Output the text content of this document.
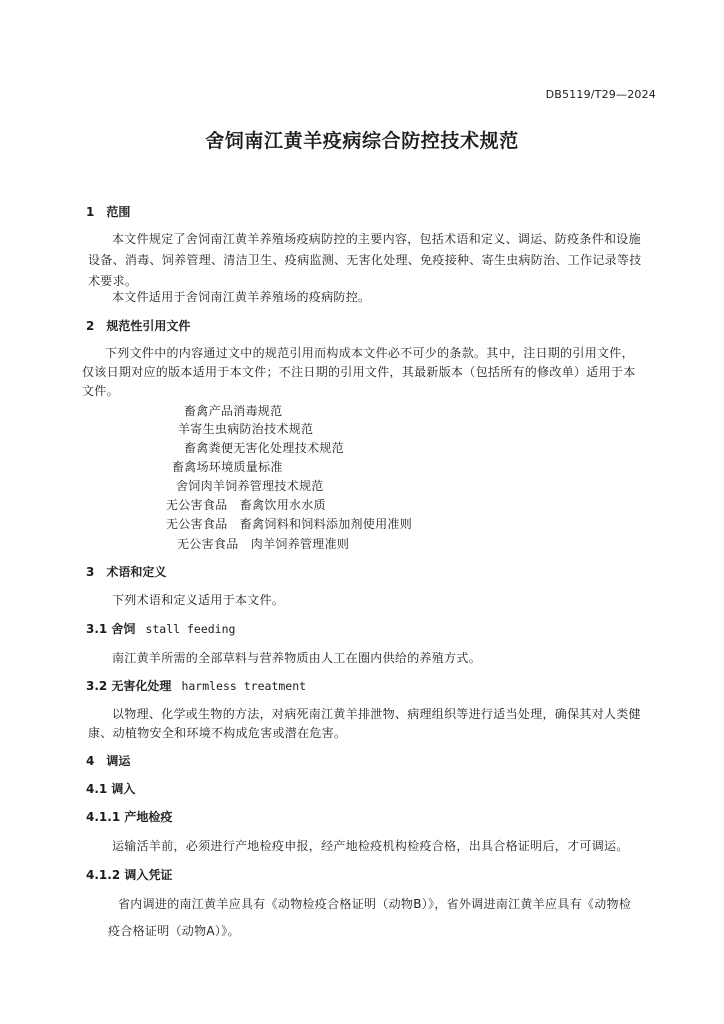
DB5119/T29—2024
舍饲南江黄羊疫病综合防控技术规范
1　范围
本文件规定了舍饲南江黄羊养殖场疫病防控的主要内容，包括术语和定义、调运、防疫条件和设施
设备、消毒、饲养管理、清洁卫生、疫病监测、无害化处理、免疫接种、寄生虫病防治、工作记录等技
术要求。
本文件适用于舍饲南江黄羊养殖场的疫病防控。
2　规范性引用文件
下列文件中的内容通过文中的规范引用而构成本文件必不可少的条款。其中，注日期的引用文件，
仅该日期对应的版本适用于本文件；不注日期的引用文件，其最新版本（包括所有的修改单）适用于本
文件。
畜禽产品消毒规范
羊寄生虫病防治技术规范
畜禽粪便无害化处理技术规范
畜禽场环境质量标准
舍饲肉羊饲养管理技术规范
无公害食品　畜禽饮用水水质
无公害食品　畜禽饲料和饲料添加剂使用准则
无公害食品　肉羊饲养管理准则
3　术语和定义
下列术语和定义适用于本文件。
3.1 舍饲 stall feeding
南江黄羊所需的全部草料与营养物质由人工在圈内供给的养殖方式。
3.2 无害化处理 harmless treatment
以物理、化学或生物的方法，对病死南江黄羊排泄物、病理组织等进行适当处理，确保其对人类健
康、动植物安全和环境不构成危害或潜在危害。
4　调运
4.1 调入
4.1.1 产地检疫
运输活羊前，必须进行产地检疫申报，经产地检疫机构检疫合格，出具合格证明后，才可调运。
4.1.2 调入凭证
省内调进的南江黄羊应具有《动物检疫合格证明（动物B）》，省外调进南江黄羊应具有《动物检
疫合格证明（动物A）》。
